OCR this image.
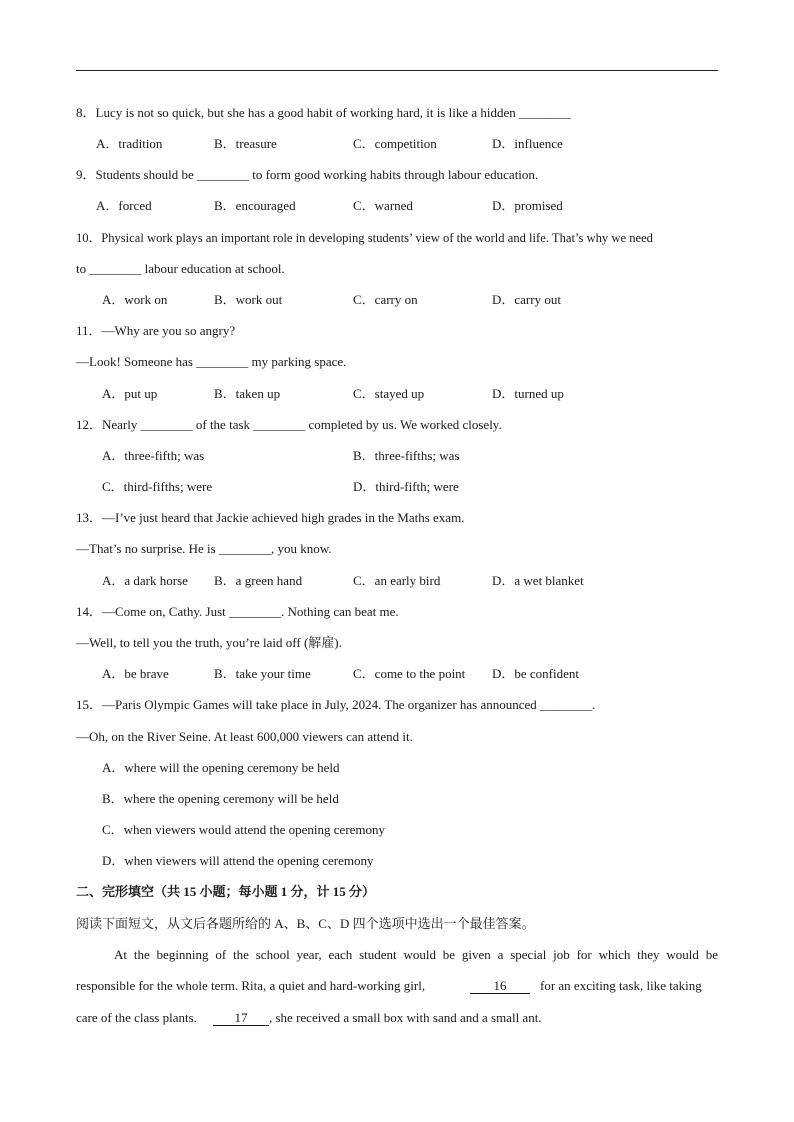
8．Lucy is not so quick, but she has a good habit of working hard, it is like a hidden ________
A．tradition	B．treasure	C．competition	D．influence
9．Students should be ________ to form good working habits through labour education.
A．forced	B．encouraged	C．warned	D．promised
10．Physical work plays an important role in developing students’ view of the world and life. That’s why we need
to ________ labour education at school.
A．work on	B．work out	C．carry on	D．carry out
11．—Why are you so angry?
—Look! Someone has ________ my parking space.
A．put up	B．taken up	C．stayed up	D．turned up
12．Nearly ________ of the task ________ completed by us. We worked closely.
A．three-fifth; was	B．three-fifths; was
C．third-fifths; were	D．third-fifth; were
13．—I’ve just heard that Jackie achieved high grades in the Maths exam.
—That’s no surprise. He is ________, you know.
A．a dark horse B．a green hand	C．an early bird	D．a wet blanket
14．—Come on, Cathy. Just ________. Nothing can beat me.
—Well, to tell you the truth, you’re laid off (解雇).
A．be brave	B．take your time	C．come to the point D．be confident
15．—Paris Olympic Games will take place in July, 2024. The organizer has announced ________.
—Oh, on the River Seine. At least 600,000 viewers can attend it.
A．where will the opening ceremony be held
B．where the opening ceremony will be held
C．when viewers would attend the opening ceremony
D．when viewers will attend the opening ceremony
二、完形填空（共 15 小题；每小题 1 分，计 15 分）
阅读下面短文，从文后各题所给的 A、B、C、D 四个选项中选出一个最佳答案。
At the beginning of the school year, each student would be given a special job for which they would be
responsible for the whole term. Rita, a quiet and hard-working girl,	16	for an exciting task, like taking
care of the class plants.	17	, she received a small box with sand and a small ant.
